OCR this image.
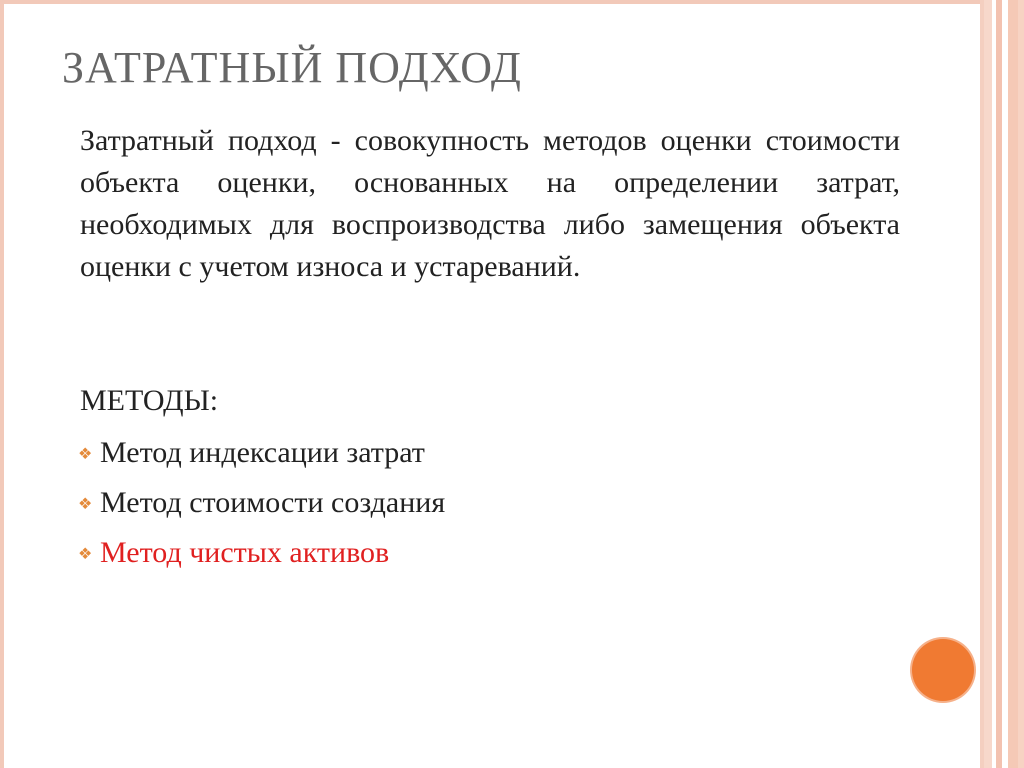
ЗАТРАТНЫЙ ПОДХОД

Затратный подход - совокупность методов оценки стоимости объекта оценки, основанных на определении затрат, необходимых для воспроизводства либо замещения объекта оценки с учетом износа и устареваний.

МЕТОДЫ:

❖ Метод индексации затрат
❖ Метод стоимости создания
❖ Метод чистых активов
